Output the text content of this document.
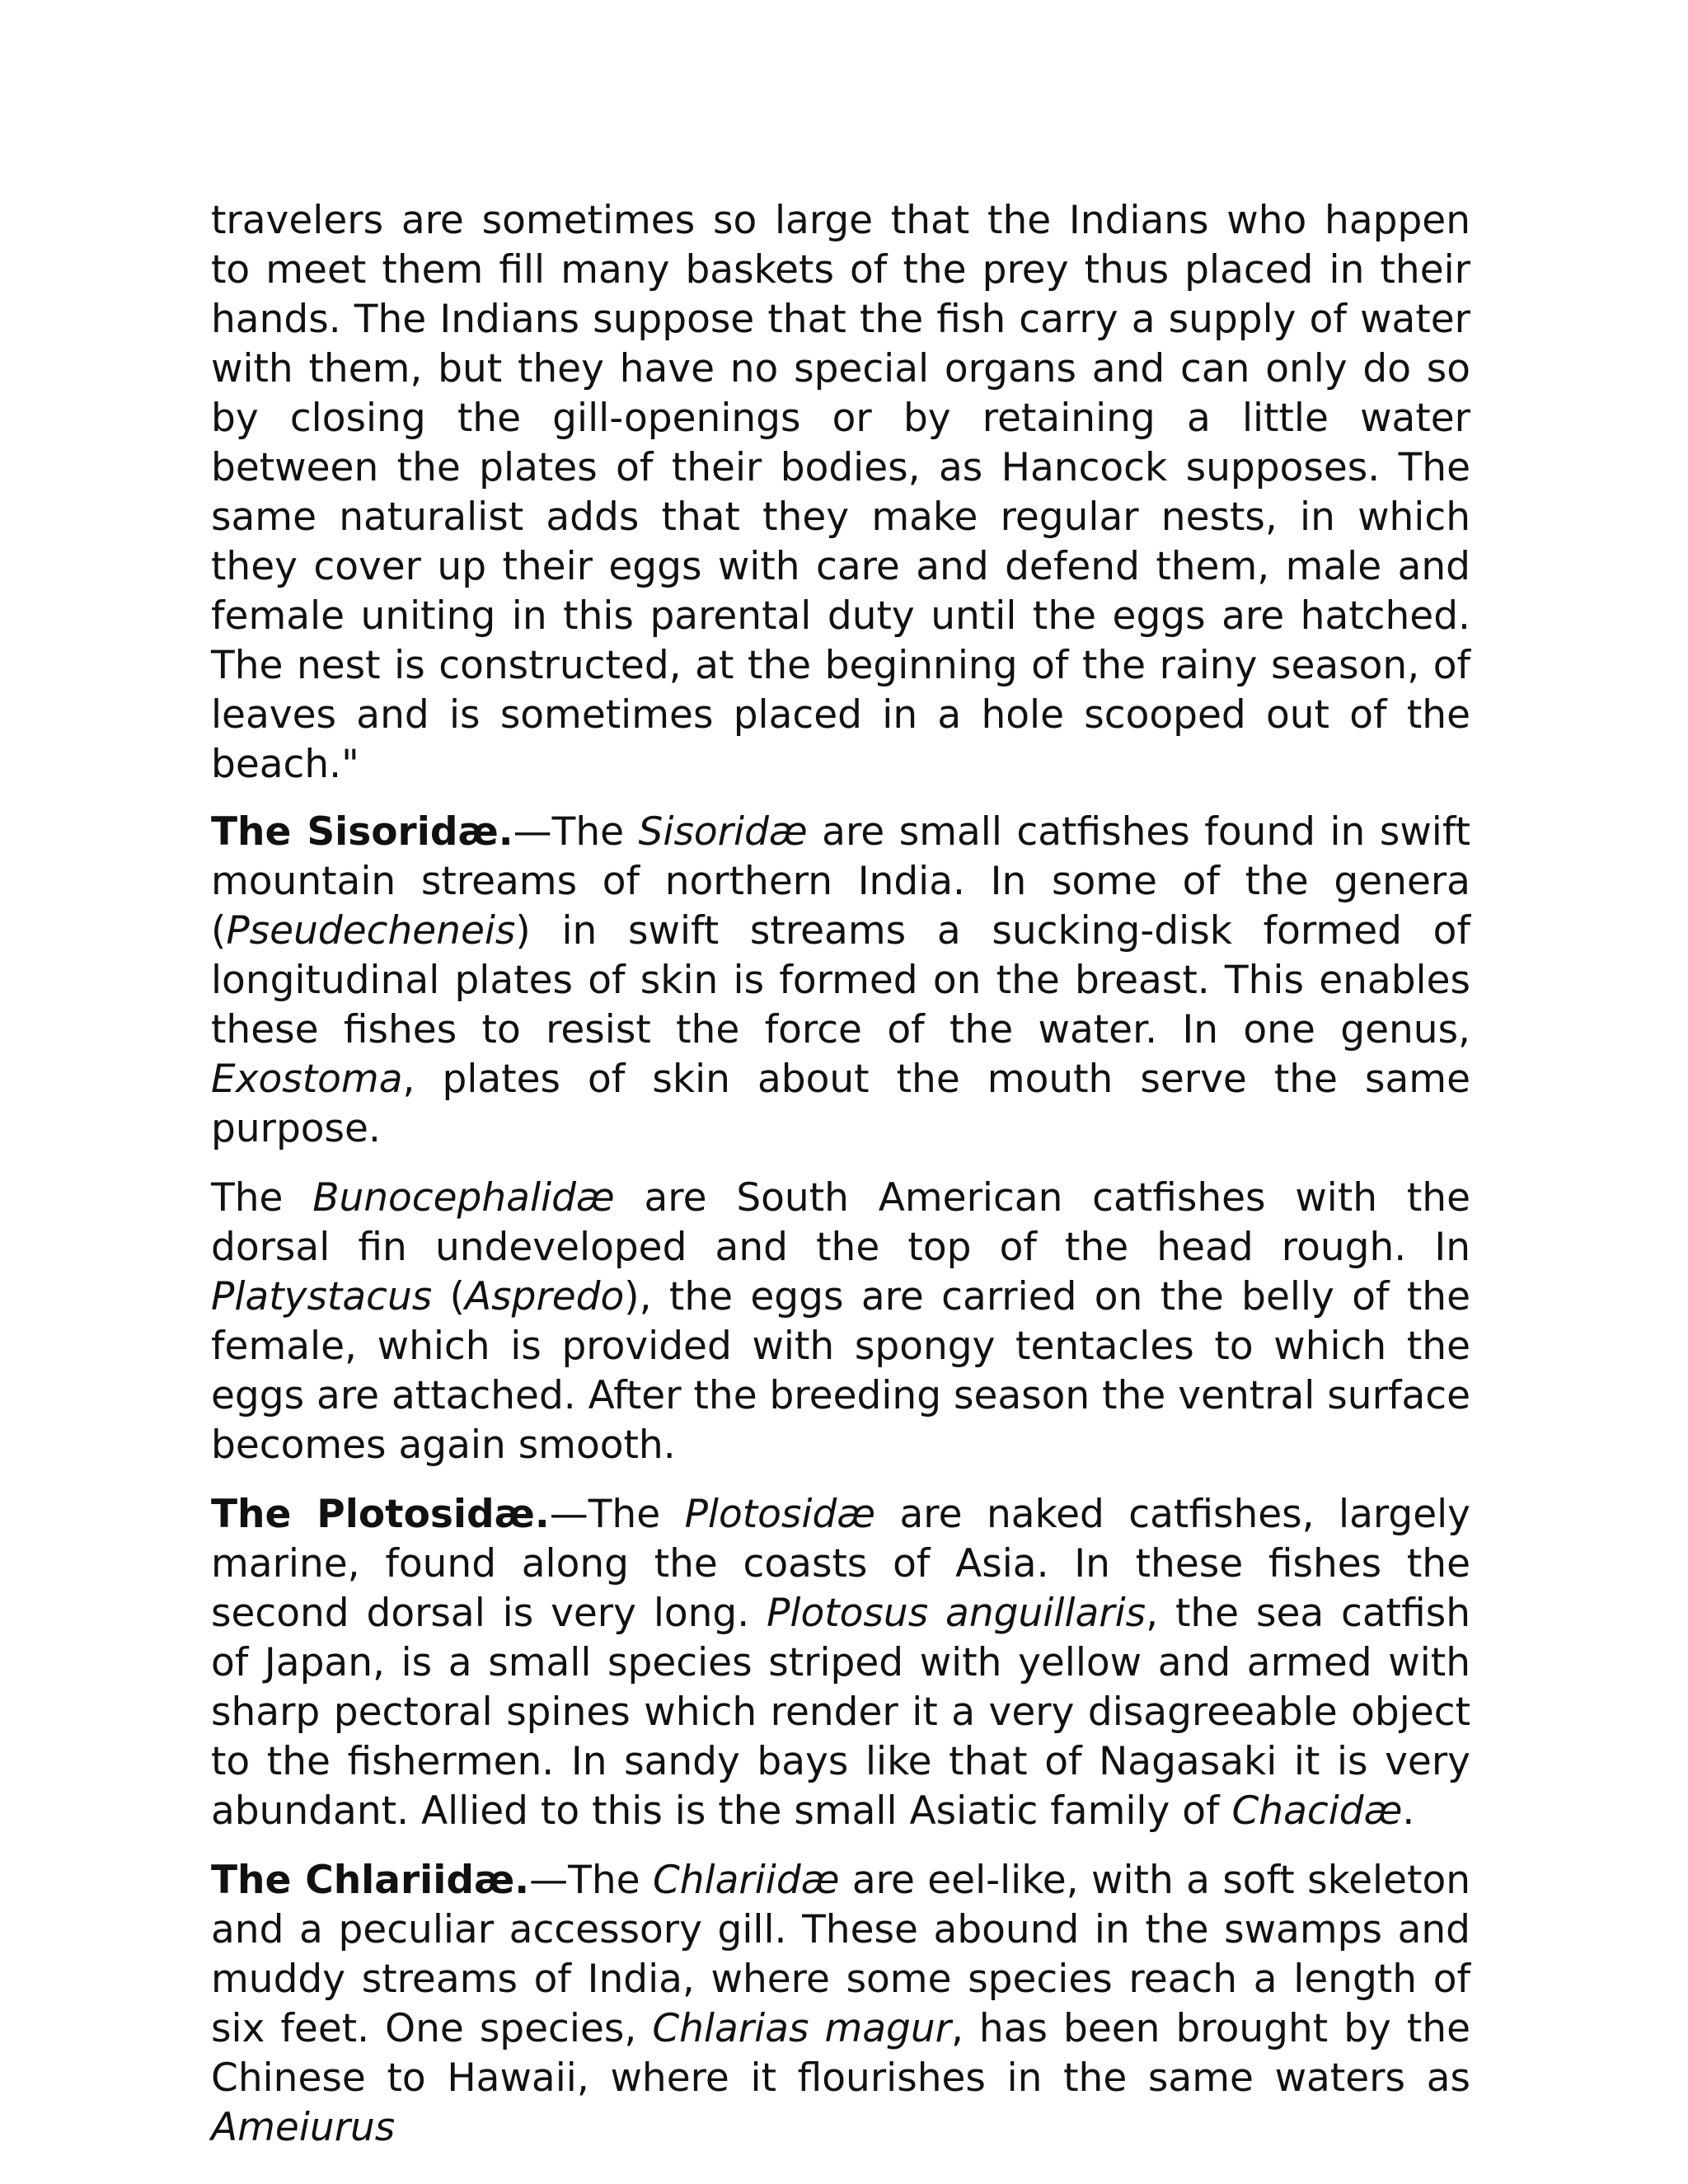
travelers are sometimes so large that the Indians who happen to meet them fill many baskets of the prey thus placed in their hands. The Indians suppose that the fish carry a supply of water with them, but they have no special organs and can only do so by closing the gill-openings or by retaining a little water between the plates of their bodies, as Hancock supposes. The same naturalist adds that they make regular nests, in which they cover up their eggs with care and defend them, male and female uniting in this parental duty until the eggs are hatched. The nest is constructed, at the beginning of the rainy season, of leaves and is sometimes placed in a hole scooped out of the beach."

The Sisoridæ.—The Sisoridæ are small catfishes found in swift mountain streams of northern India. In some of the genera (Pseudecheneis) in swift streams a sucking-disk formed of longitudinal plates of skin is formed on the breast. This enables these fishes to resist the force of the water. In one genus, Exostoma, plates of skin about the mouth serve the same purpose.

The Bunocephalidæ are South American catfishes with the dorsal fin undeveloped and the top of the head rough. In Platystacus (Aspredo), the eggs are carried on the belly of the female, which is provided with spongy tentacles to which the eggs are attached. After the breeding season the ventral surface becomes again smooth.

The Plotosidæ.—The Plotosidæ are naked catfishes, largely marine, found along the coasts of Asia. In these fishes the second dorsal is very long. Plotosus anguillaris, the sea catfish of Japan, is a small species striped with yellow and armed with sharp pectoral spines which render it a very disagreeable object to the fishermen. In sandy bays like that of Nagasaki it is very abundant. Allied to this is the small Asiatic family of Chacidæ.

The Chlariidæ.—The Chlariidæ are eel-like, with a soft skeleton and a peculiar accessory gill. These abound in the swamps and muddy streams of India, where some species reach a length of six feet. One species, Chlarias magur, has been brought by the Chinese to Hawaii, where it flourishes in the same waters as Ameiurus
